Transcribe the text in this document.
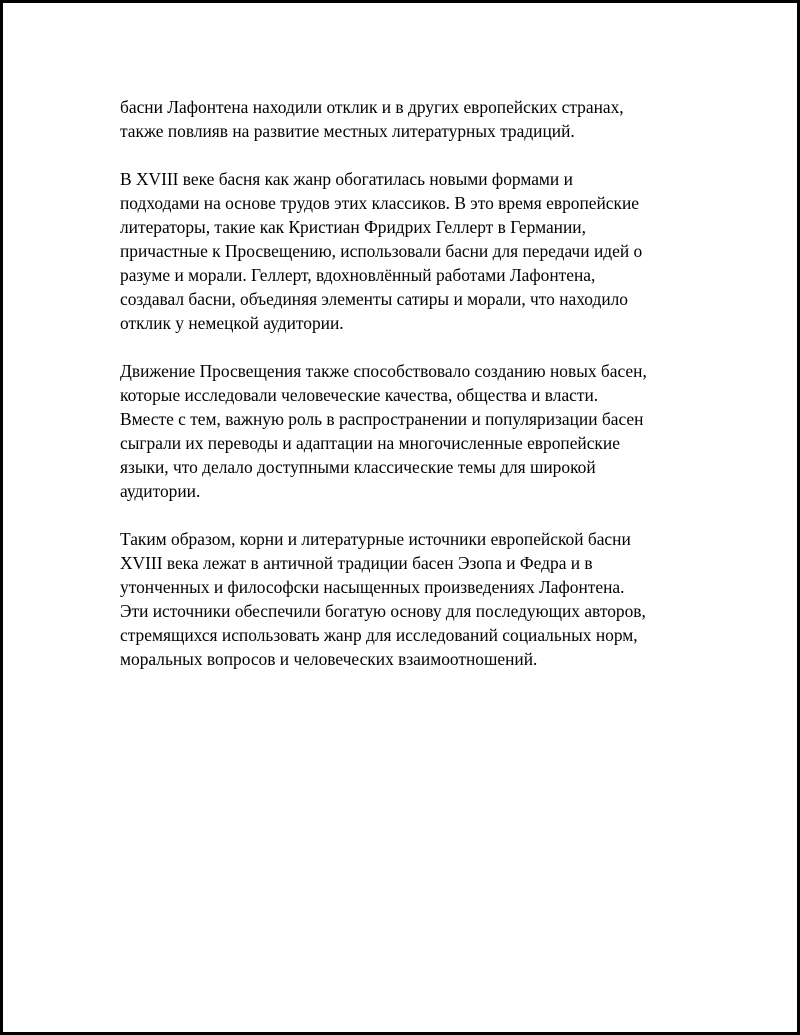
басни Лафонтена находили отклик и в других европейских странах,
также повлияв на развитие местных литературных традиций.

В XVIII веке басня как жанр обогатилась новыми формами и
подходами на основе трудов этих классиков. В это время европейские
литераторы, такие как Кристиан Фридрих Геллерт в Германии,
причастные к Просвещению, использовали басни для передачи идей о
разуме и морали. Геллерт, вдохновлённый работами Лафонтена,
создавал басни, объединяя элементы сатиры и морали, что находило
отклик у немецкой аудитории.

Движение Просвещения также способствовало созданию новых басен,
которые исследовали человеческие качества, общества и власти.
Вместе с тем, важную роль в распространении и популяризации басен
сыграли их переводы и адаптации на многочисленные европейские
языки, что делало доступными классические темы для широкой
аудитории.

Таким образом, корни и литературные источники европейской басни
XVIII века лежат в античной традиции басен Эзопа и Федра и в
утонченных и философски насыщенных произведениях Лафонтена.
Эти источники обеспечили богатую основу для последующих авторов,
стремящихся использовать жанр для исследований социальных норм,
моральных вопросов и человеческих взаимоотношений.
